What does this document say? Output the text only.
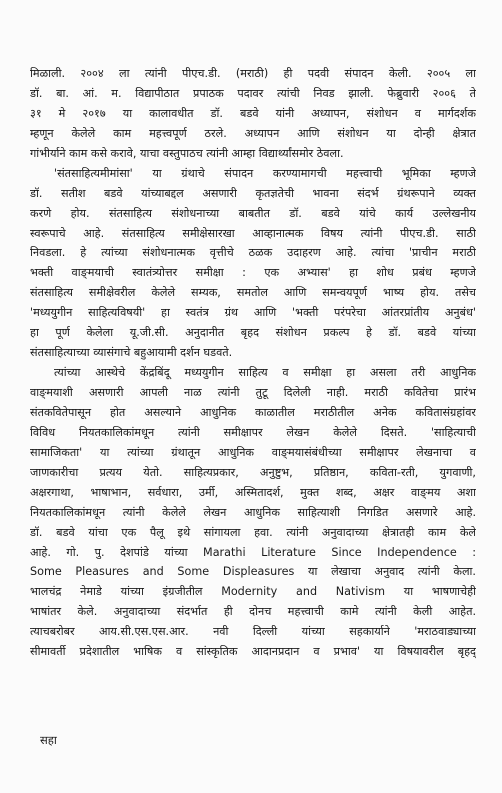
मिळाली. २००४ ला त्यांनी पीएच.डी. (मराठी) ही पदवी संपादन केली. २००५ ला
डॉ. बा. आं. म. विद्यापीठात प्रपाठक पदावर त्यांची निवड झाली. फेब्रुवारी २००६ ते
३१ मे २०१७ या कालावधीत डॉ. बडवे यांनी अध्यापन, संशोधन व मार्गदर्शक
म्हणून केलेले काम महत्त्वपूर्ण ठरले. अध्यापन आणि संशोधन या दोन्ही क्षेत्रात
गांभीर्याने काम कसे करावे, याचा वस्तुपाठच त्यांनी आम्हा विद्यार्थ्यांसमोर ठेवला.
'संतसाहित्यमीमांसा' या ग्रंथाचे संपादन करण्यामागची महत्त्वाची भूमिका म्हणजे
डॉ. सतीश बडवे यांच्याबद्दल असणारी कृतज्ञतेची भावना संदर्भ ग्रंथरूपाने व्यक्त
करणे होय. संतसाहित्य संशोधनाच्या बाबतीत डॉ. बडवे यांचे कार्य उल्लेखनीय
स्वरूपाचे आहे. संतसाहित्य समीक्षेसारखा आव्हानात्मक विषय त्यांनी पीएच.डी. साठी
निवडला. हे त्यांच्या संशोधनात्मक वृत्तीचे ठळक उदाहरण आहे. त्यांचा 'प्राचीन मराठी
भक्ती वाङ्‌मयाची स्वातंत्र्योत्तर समीक्षा : एक अभ्यास' हा शोध प्रबंध म्हणजे
संतसाहित्य समीक्षेवरील केलेले सम्यक, समतोल आणि समन्वयपूर्ण भाष्य होय. तसेच
'मध्ययुगीन साहित्यविषयी' हा स्वतंत्र ग्रंथ आणि 'भक्ती परंपरेचा आंतरप्रांतीय अनुबंध'
हा पूर्ण केलेला यू.जी.सी. अनुदानीत बृहद संशोधन प्रकल्प हे डॉ. बडवे यांच्या
संतसाहित्याच्या व्यासंगाचे बहुआयामी दर्शन घडवते.
त्यांच्या आस्थेचे केंद्रबिंदू मध्ययुगीन साहित्य व समीक्षा हा असला तरी आधुनिक
वाङ्‌मयाशी असणारी आपली नाळ त्यांनी तुटू दिलेली नाही. मराठी कवितेचा प्रारंभ
संतकवितेपासून होत असल्याने आधुनिक काळातील मराठीतील अनेक कवितासंग्रहांवर
विविध नियतकालिकांमधून त्यांनी समीक्षापर लेखन केलेले दिसते. 'साहित्याची
सामाजिकता' या त्यांच्या ग्रंथातून आधुनिक वाङ्‌मयासंबंधीच्या समीक्षापर लेखनाचा व
जाणकारीचा प्रत्यय येतो. साहित्यप्रकार, अनुष्टुभ, प्रतिष्ठान, कविता-रती, युगवाणी,
अक्षरगाथा, भाषाभान, सर्वधारा, उर्मी, अस्मितादर्श, मुक्त शब्द, अक्षर वाङ्‌मय अशा
नियतकालिकांमधून त्यांनी केलेले लेखन आधुनिक साहित्याशी निगडित असणारे आहे.
डॉ. बडवे यांचा एक पैलू इथे सांगायला हवा. त्यांनी अनुवादाच्या क्षेत्रातही काम केले
आहे. गो. पु. देशपांडे यांच्या Marathi Literature Since Independence :
Some Pleasures and Some Displeasures या लेखाचा अनुवाद त्यांनी केला.
भालचंद्र नेमाडे यांच्या इंग्रजीतील Modernity and Nativism या भाषणाचेही
भाषांतर केले. अनुवादाच्या संदर्भात ही दोनच महत्त्वाची कामे त्यांनी केली आहेत.
त्याचबरोबर आय.सी.एस.एस.आर. नवी दिल्ली यांच्या सहकार्याने 'मराठवाड्याच्या
सीमावर्ती प्रदेशातील भाषिक व सांस्कृतिक आदानप्रदान व प्रभाव' या विषयावरील बृहद्
सहा
